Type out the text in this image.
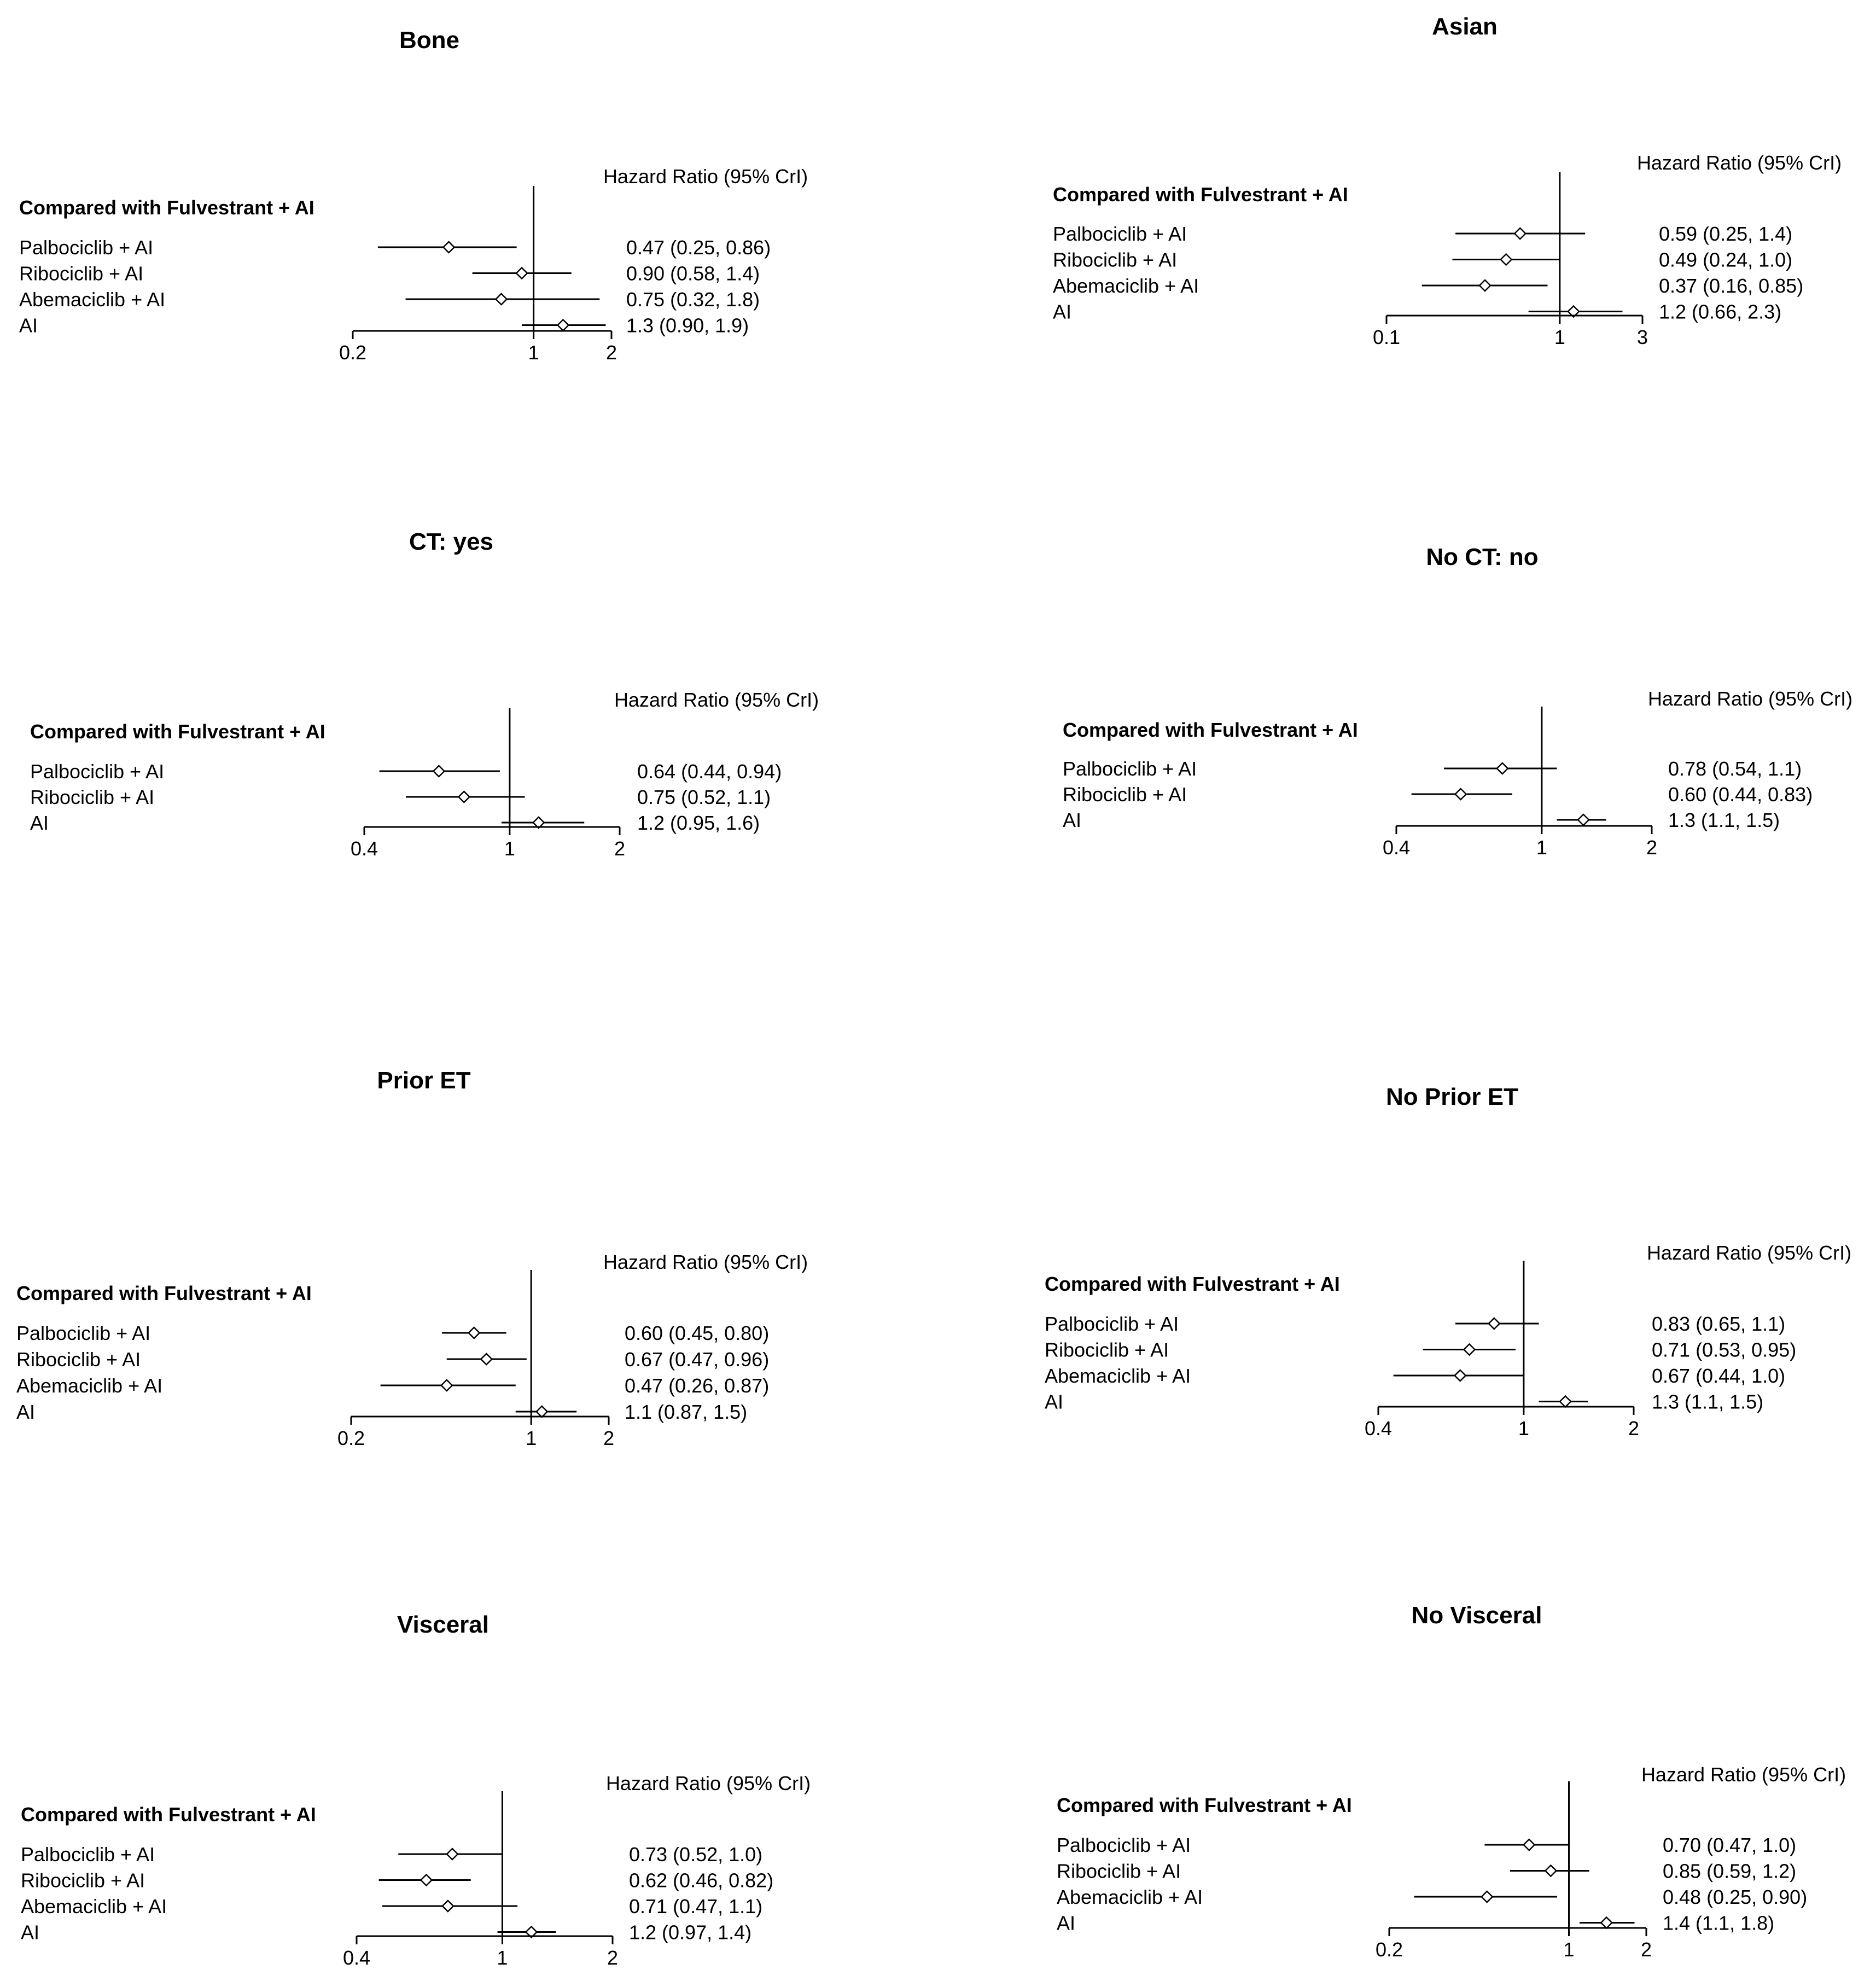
Bone
Hazard Ratio (95% CrI)
Compared with Fulvestrant + AI
Palbociclib + AI	0.47 (0.25, 0.86)
Ribociclib + AI	0.90 (0.58, 1.4)
Abemaciclib + AI	0.75 (0.32, 1.8)
AI	1.3 (0.90, 1.9)
0.2	1	2
Asian
Hazard Ratio (95% CrI)
Compared with Fulvestrant + AI
Palbociclib + AI	0.59 (0.25, 1.4)
Ribociclib + AI	0.49 (0.24, 1.0)
Abemaciclib + AI	0.37 (0.16, 0.85)
AI	1.2 (0.66, 2.3)
0.1	1	3
CT: yes
Hazard Ratio (95% CrI)
Compared with Fulvestrant + AI
Palbociclib + AI	0.64 (0.44, 0.94)
Ribociclib + AI	0.75 (0.52, 1.1)
AI	1.2 (0.95, 1.6)
0.4	1	2
No CT: no
Hazard Ratio (95% CrI)
Compared with Fulvestrant + AI
Palbociclib + AI	0.78 (0.54, 1.1)
Ribociclib + AI	0.60 (0.44, 0.83)
AI	1.3 (1.1, 1.5)
0.4	1	2
Prior ET
Hazard Ratio (95% CrI)
Compared with Fulvestrant + AI
Palbociclib + AI	0.60 (0.45, 0.80)
Ribociclib + AI	0.67 (0.47, 0.96)
Abemaciclib + AI	0.47 (0.26, 0.87)
AI	1.1 (0.87, 1.5)
0.2	1	2
No Prior ET
Hazard Ratio (95% CrI)
Compared with Fulvestrant + AI
Palbociclib + AI	0.83 (0.65, 1.1)
Ribociclib + AI	0.71 (0.53, 0.95)
Abemaciclib + AI	0.67 (0.44, 1.0)
AI	1.3 (1.1, 1.5)
0.4	1	2
Visceral
Hazard Ratio (95% CrI)
Compared with Fulvestrant + AI
Palbociclib + AI	0.73 (0.52, 1.0)
Ribociclib + AI	0.62 (0.46, 0.82)
Abemaciclib + AI	0.71 (0.47, 1.1)
AI	1.2 (0.97, 1.4)
0.4	1	2
No Visceral
Hazard Ratio (95% CrI)
Compared with Fulvestrant + AI
Palbociclib + AI	0.70 (0.47, 1.0)
Ribociclib + AI	0.85 (0.59, 1.2)
Abemaciclib + AI	0.48 (0.25, 0.90)
AI	1.4 (1.1, 1.8)
0.2	1	2
